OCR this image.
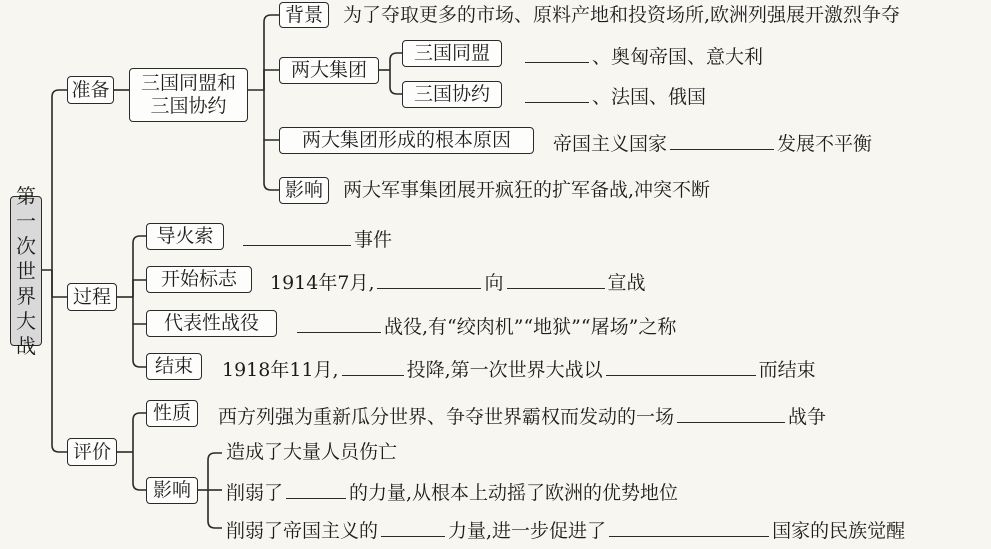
第
一
次
世
界
大
战
准备 三国同盟和
三国协约
背景	为了夺取更多的市场、原料产地和投资场所,欧洲列强展开激烈争夺
两大集团
三国同盟	、奥匈帝国、意大利
三国协约	、法国、俄国
两大集团形成的根本原因	帝国主义国家	发展不平衡
影响	两大军事集团展开疯狂的扩军备战,冲突不断
过程
导火索	事件
开始标志	1914年7月,	向	宣战
代表性战役	战役,有“绞肉机”“地狱”“屠场”之称
结束	1918年11月,	投降,第一次世界大战以	而结束
评价
性质	西方列强为重新瓜分世界、争夺世界霸权而发动的一场	战争
影响
造成了大量人员伤亡
削弱了	的力量,从根本上动摇了欧洲的优势地位
削弱了帝国主义的	力量,进一步促进了	国家的民族觉醒
